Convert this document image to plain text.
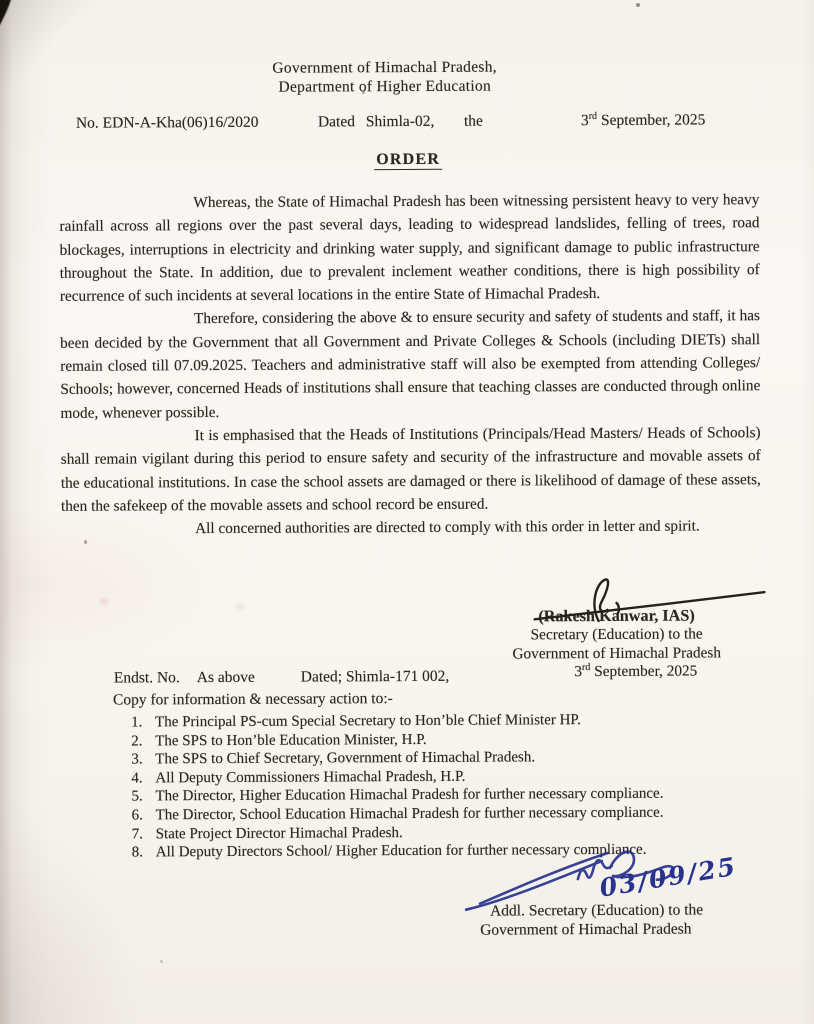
Government of Himachal Pradesh,
Department of Higher Education
No. EDN-A-Kha(06)16/2020	Dated Shimla-02, the	3rd September, 2025
ORDER

Whereas, the State of Himachal Pradesh has been witnessing persistent heavy to very heavy rainfall across all regions over the past several days, leading to widespread landslides, felling of trees, road blockages, interruptions in electricity and drinking water supply, and significant damage to public infrastructure throughout the State. In addition, due to prevalent inclement weather conditions, there is high possibility of recurrence of such incidents at several locations in the entire State of Himachal Pradesh.

Therefore, considering the above & to ensure security and safety of students and staff, it has been decided by the Government that all Government and Private Colleges & Schools (including DIETs) shall remain closed till 07.09.2025. Teachers and administrative staff will also be exempted from attending Colleges/ Schools; however, concerned Heads of institutions shall ensure that teaching classes are conducted through online mode, whenever possible.

It is emphasised that the Heads of Institutions (Principals/Head Masters/ Heads of Schools) shall remain vigilant during this period to ensure safety and security of the infrastructure and movable assets of the educational institutions. In case the school assets are damaged or there is likelihood of damage of these assets, then the safekeep of the movable assets and school record be ensured.

All concerned authorities are directed to comply with this order in letter and spirit.

(Rakesh Kanwar, IAS)
Secretary (Education) to the
Government of Himachal Pradesh
3rd September, 2025
Endst. No. As above	Dated; Shimla-171 002,
Copy for information & necessary action to:-
1. The Principal PS-cum Special Secretary to Hon’ble Chief Minister HP.
2. The SPS to Hon’ble Education Minister, H.P.
3. The SPS to Chief Secretary, Government of Himachal Pradesh.
4. All Deputy Commissioners Himachal Pradesh, H.P.
5. The Director, Higher Education Himachal Pradesh for further necessary compliance.
6. The Director, School Education Himachal Pradesh for further necessary compliance.
7. State Project Director Himachal Pradesh.
8. All Deputy Directors School/ Higher Education for further necessary compliance.
03/09/25
Addl. Secretary (Education) to the
Government of Himachal Pradesh
